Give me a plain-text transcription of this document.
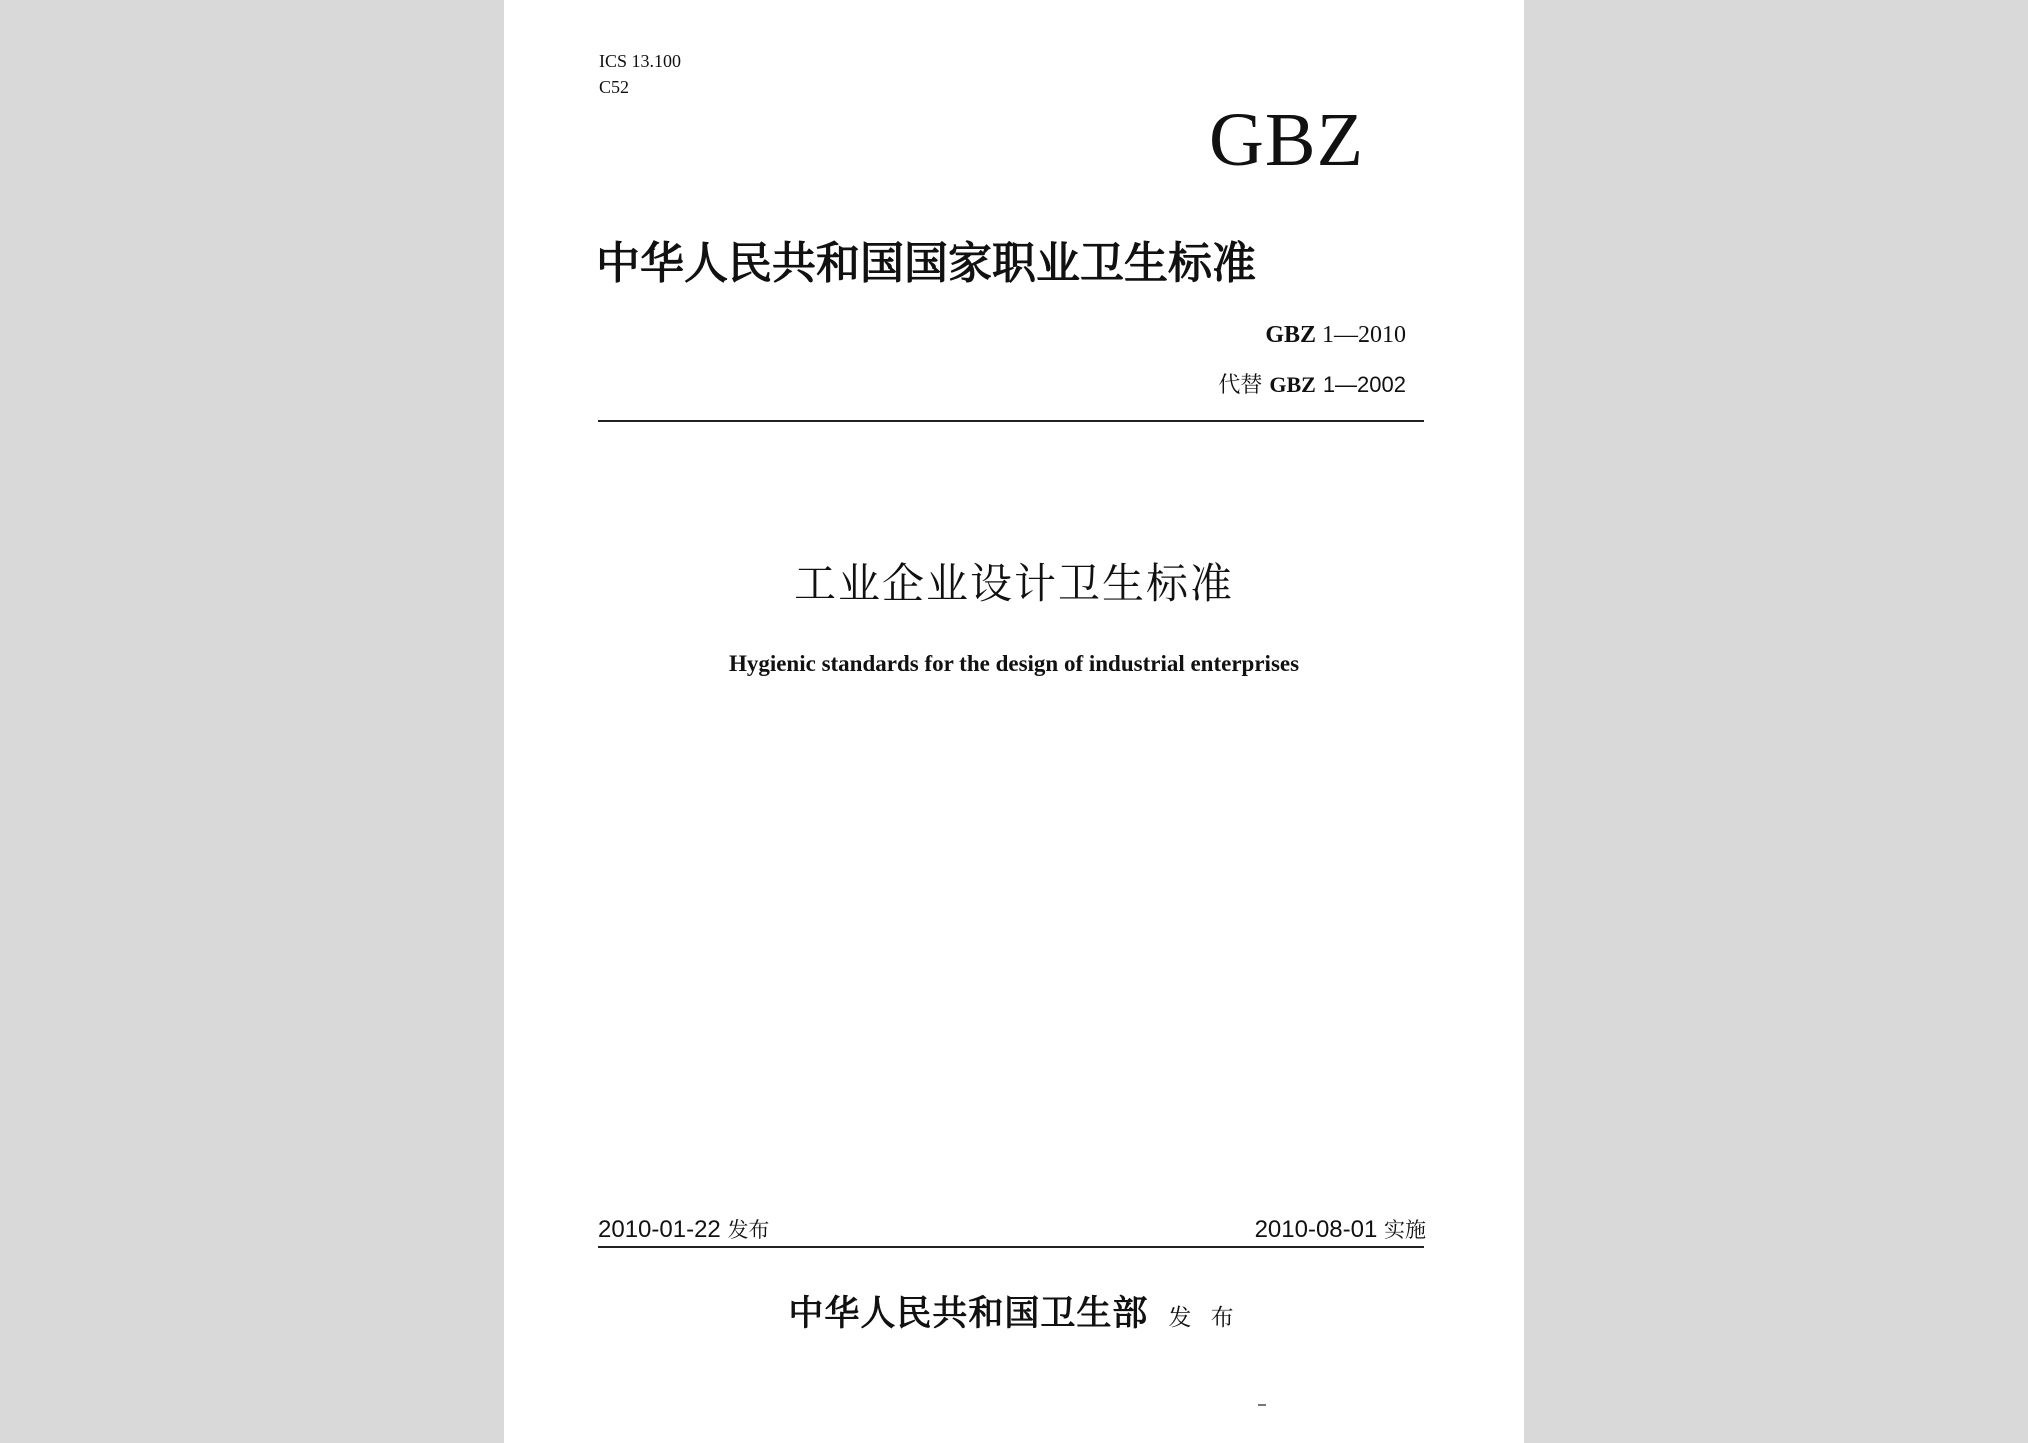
ICS 13.100
C52
GBZ
中华人民共和国国家职业卫生标准
GBZ 1—2010
代替 GBZ 1—2002
工业企业设计卫生标准
Hygienic standards for the design of industrial enterprises
2010-01-22 发布	2010-08-01 实施
中华人民共和国卫生部 发 布
